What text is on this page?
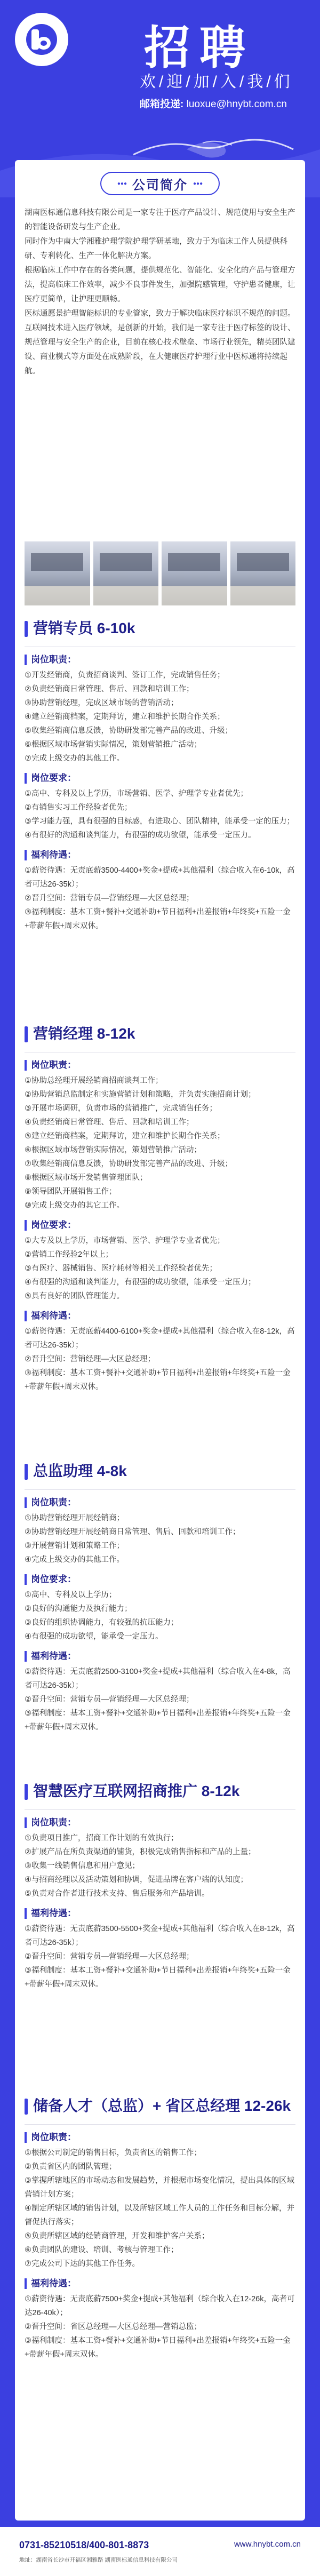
招聘
欢/迎/加/入/我/们
邮箱投递: luoxue@hnybt.com.cn
●●● 公司简介 ●●●

湖南医标通信息科技有限公司是一家专注于医疗产品设计、规范使用与安全生产的智能设备研发与生产企业。

同时作为中南大学湘雅护理学院护理学研基地，致力于为临床工作人员提供科研、专利转化、生产一体化解决方案。

根据临床工作中存在的各类问题，提供规范化、智能化、安全化的产品与管理方法，提高临床工作效率，减少不良事件发生，加强院感管理，守护患者健康，让医疗更简单，让护理更顺畅。

医标通愿景护理智能标识的专业管家，致力于解决临床医疗标识不规范的问题。

互联网技术进入医疗领域，是创新的开始，我们是一家专注于医疗标签的设计、规范管理与安全生产的企业，目前在核心技术壁垒、市场行业领先，精英团队建设、商业模式等方面处在成熟阶段，在大健康医疗护理行业中医标通将持续起航。

营销专员 6-10k
岗位职责：
①开发经销商，负责招商谈判、签订工作，完成销售任务；
②负责经销商日常管理、售后、回款和培训工作；
③协助营销经理，完成区域市场的营销活动；
④建立经销商档案，定期拜访，建立和维护长期合作关系；
⑤收集经销商信息反馈，协助研发部完善产品的改进、升级；
⑥根据区域市场营销实际情况，策划营销推广活动；
⑦完成上级交办的其他工作。
岗位要求：
①高中、专科及以上学历，市场营销、医学、护理学专业者优先；
②有销售实习工作经验者优先；
③学习能力强，具有很强的目标感，有进取心、团队精神，能承受一定的压力；
④有很好的沟通和谈判能力，有很强的成功欲望，能承受一定压力。
福利待遇：
①薪资待遇：无责底薪3500-4400+奖金+提成+其他福利（综合收入在6-10k，高者可达26-35k）；
②晋升空间：营销专员—营销经理—大区总经理；
③福利制度：基本工资+餐补+交通补助+节日福利+出差报销+年终奖+五险一金+带薪年假+周末双休。
营销经理 8-12k
岗位职责：
①协助总经理开展经销商招商谈判工作；
②协助营销总监制定和实施营销计划和策略，并负责实施招商计划；
③开展市场调研，负责市场的营销推广，完成销售任务；
④负责经销商日常管理、售后、回款和培训工作；
⑤建立经销商档案，定期拜访，建立和维护长期合作关系；
⑥根据区域市场营销实际情况，策划营销推广活动；
⑦收集经销商信息反馈，协助研发部完善产品的改进、升级；
⑧根据区域市场开发销售管理团队；
⑨领导团队开展销售工作；
⑩完成上级交办的其它工作。
岗位要求：
①大专及以上学历，市场营销、医学、护理学专业者优先；
②营销工作经验2年以上；
③有医疗、器械销售、医疗耗材等相关工作经验者优先；
④有很强的沟通和谈判能力，有很强的成功欲望，能承受一定压力；
⑤具有良好的团队管理能力。
福利待遇：
①薪资待遇：无责底薪4400-6100+奖金+提成+其他福利（综合收入在8-12k，高者可达26-35k）；
②晋升空间：营销经理—大区总经理；
③福利制度：基本工资+餐补+交通补助+节日福利+出差报销+年终奖+五险一金+带薪年假+周末双休。
总监助理 4-8k
岗位职责：
①协助营销经理开展经销商；
②协助营销经理开展经销商日常管理、售后、回款和培训工作；
③开展营销计划和策略工作；
④完成上级交办的其他工作。
岗位要求：
①高中、专科及以上学历；
②良好的沟通能力及执行能力；
③良好的组织协调能力，有较强的抗压能力；
④有很强的成功欲望，能承受一定压力。
福利待遇：
①薪资待遇：无责底薪2500-3100+奖金+提成+其他福利（综合收入在4-8k，高者可达26-35k）；
②晋升空间：营销专员—营销经理—大区总经理；
③福利制度：基本工资+餐补+交通补助+节日福利+出差报销+年终奖+五险一金+带薪年假+周末双休。
智慧医疗互联网招商推广 8-12k
岗位职责：
①负责项目推广，招商工作计划的有效执行；
②扩展产品在所负责渠道的铺货，积极完成销售指标和产品的上量；
③收集一线销售信息和用户意见；
④与招商经理以及活动策划和协调，促进品牌在客户端的认知度；
⑤负责对合作者进行技术支持、售后服务和产品培训。
福利待遇：
①薪资待遇：无责底薪3500-5500+奖金+提成+其他福利（综合收入在8-12k，高者可达26-35k）；
②晋升空间：营销专员—营销经理—大区总经理；
③福利制度：基本工资+餐补+交通补助+节日福利+出差报销+年终奖+五险一金+带薪年假+周末双休。
储备人才（总监）+ 省区总经理 12-26k
岗位职责：
①根据公司制定的销售目标，负责省区的销售工作；
②负责省区内的团队管理；
③掌握所辖地区的市场动态和发展趋势，并根据市场变化情况，提出具体的区域营销计划方案；
④制定所辖区域的销售计划，以及所辖区域工作人员的工作任务和目标分解，并督促执行落实；
⑤负责所辖区域的经销商管理，开发和维护客户关系；
⑥负责团队的建设、培训、考核与管理工作；
⑦完成公司下达的其他工作任务。
福利待遇：
①薪资待遇：无责底薪7500+奖金+提成+其他福利（综合收入在12-26k，高者可达26-40k）；
②晋升空间：省区总经理—大区总经理—营销总监；
③福利制度：基本工资+餐补+交通补助+节日福利+出差报销+年终奖+五险一金+带薪年假+周末双休。
0731-85210518/400-801-8873	www.hnybt.com.cn
地址：湖南省长沙市开福区湘雅路 湖南医标通信息科技有限公司
